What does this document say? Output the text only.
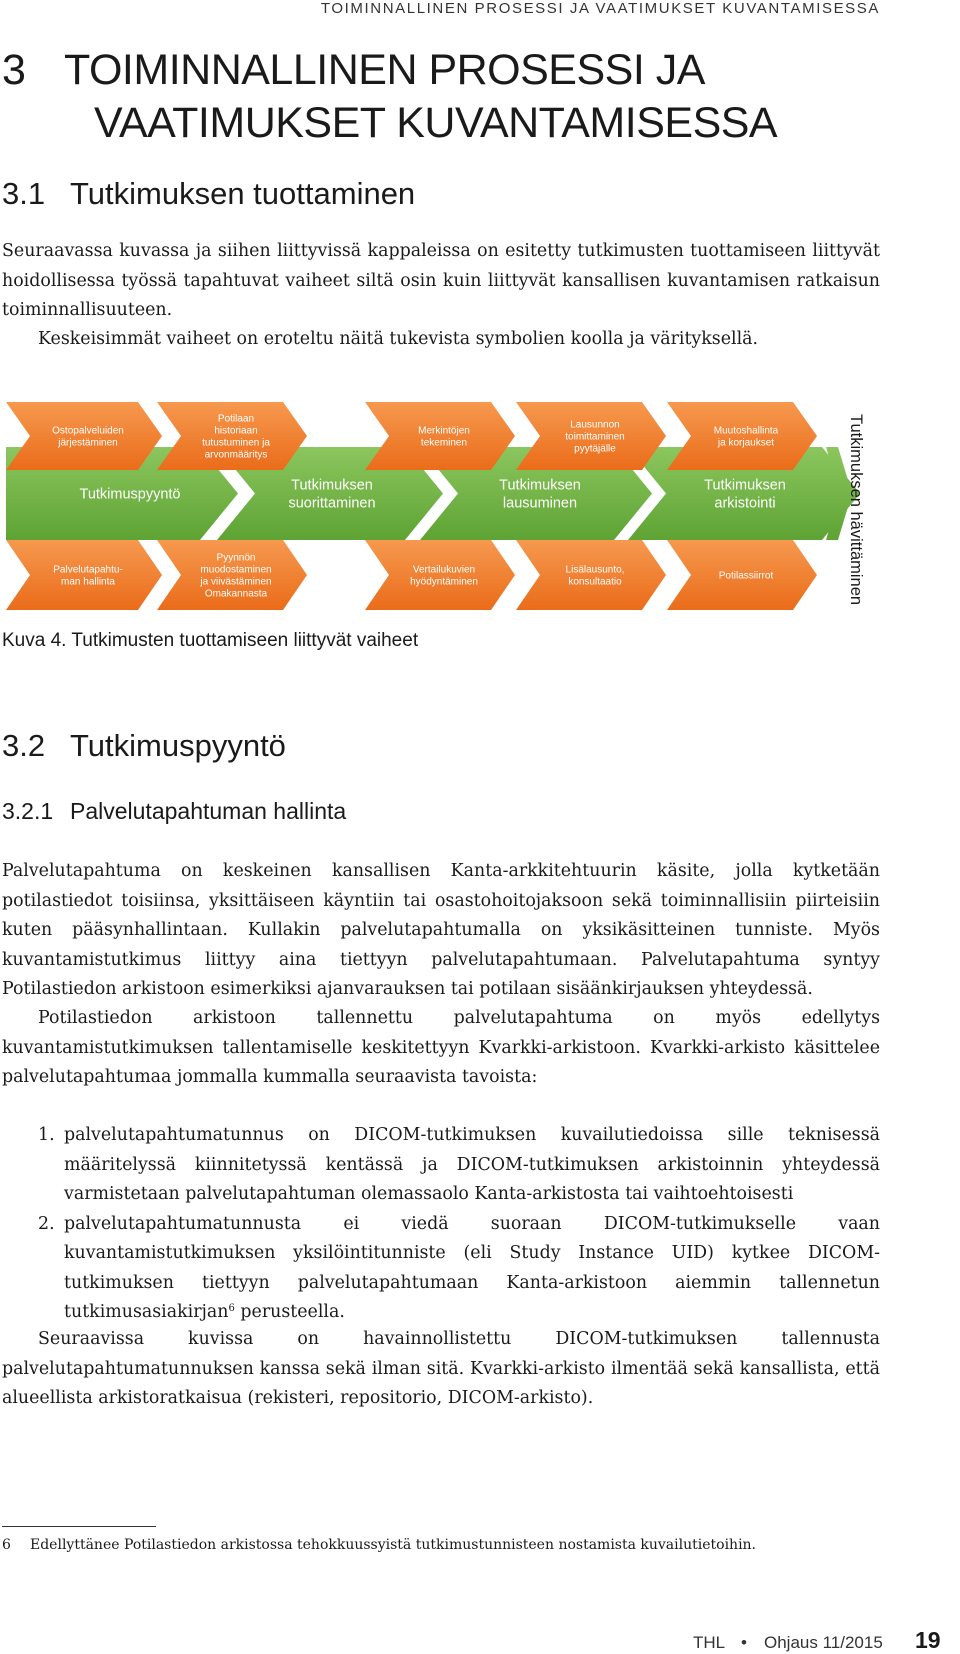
TOIMINNALLINEN PROSESSI JA VAATIMUKSET KUVANTAMISESSA
3 TOIMINNALLINEN PROSESSI JA
VAATIMUKSET KUVANTAMISESSA
3.1 Tutkimuksen tuottaminen

Seuraavassa kuvassa ja siihen liittyvissä kappaleissa on esitetty tutkimusten tuottamiseen liittyvät hoidollisessa työssä tapahtuvat vaiheet siltä osin kuin liittyvät kansallisen kuvantamisen ratkaisun toiminnallisuuteen.

Keskeisimmät vaiheet on eroteltu näitä tukevista symbolien koolla ja värityksellä.

Tutkimuspyyntö
Tutkimuksen suorittaminen
Tutkimuksen lausuminen
Tutkimuksen arkistointi
Ostopalveluiden järjestäminen
Potilaan historiaan tutustuminen ja arvonmääritys
Merkintöjen tekeminen
Lausunnon toimittaminen pyytäjälle
Muutoshallinta ja korjaukset
Palvelutapahtu-man hallinta
Pyynnön muodostaminen ja viivästäminen Omakannasta
Vertailukuvien hyödyntäminen
Lisälausunto, konsultaatio
Potilassiirrot	Tutkimuksen hävittäminen
Kuva 4. Tutkimusten tuottamiseen liittyvät vaiheet
3.2 Tutkimuspyyntö
3.2.1 Palvelutapahtuman hallinta

Palvelutapahtuma on keskeinen kansallisen Kanta-arkkitehtuurin käsite, jolla kytketään potilastiedot toisiinsa, yksittäiseen käyntiin tai osastohoitojaksoon sekä toiminnallisiin piirteisiin kuten pääsynhallintaan. Kullakin palvelutapahtumalla on yksikäsitteinen tunniste. Myös kuvantamistutkimus liittyy aina tiettyyn palvelutapahtumaan. Palvelutapahtuma syntyy Potilastiedon arkistoon esimerkiksi ajanvarauksen tai potilaan sisäänkirjauksen yhteydessä.

Potilastiedon arkistoon tallennettu palvelutapahtuma on myös edellytys kuvantamistutkimuksen tallentamiselle keskitettyyn Kvarkki-arkistoon. Kvarkki-arkisto käsittelee palvelutapahtumaa jommalla kummalla seuraavista tavoista:

1. palvelutapahtumatunnus on DICOM-tutkimuksen kuvailutiedoissa sille teknisessä määritelyssä kiinnitetyssä kentässä ja DICOM-tutkimuksen arkistoinnin yhteydessä varmistetaan palvelutapahtuman olemassaolo Kanta-arkistosta tai vaihtoehtoisesti
2. palvelutapahtumatunnusta ei viedä suoraan DICOM-tutkimukselle vaan kuvantamistutkimuksen yksilöintitunniste (eli Study Instance UID) kytkee DICOM-tutkimuksen tiettyyn palvelutapahtumaan Kanta-arkistoon aiemmin tallennetun tutkimusasiakirjan$^6$ perusteella.

Seuraavissa kuvissa on havainnollistettu DICOM-tutkimuksen tallennusta palvelutapahtumatunnuksen kanssa sekä ilman sitä. Kvarkki-arkisto ilmentää sekä kansallista, että alueellista arkistoratkaisua (rekisteri, repositorio, DICOM-arkisto).

6 Edellyttänee Potilastiedon arkistossa tehokkuussyistä tutkimustunnisteen nostamista kuvailutietoihin.
THL • Ohjaus 11/2015 19
